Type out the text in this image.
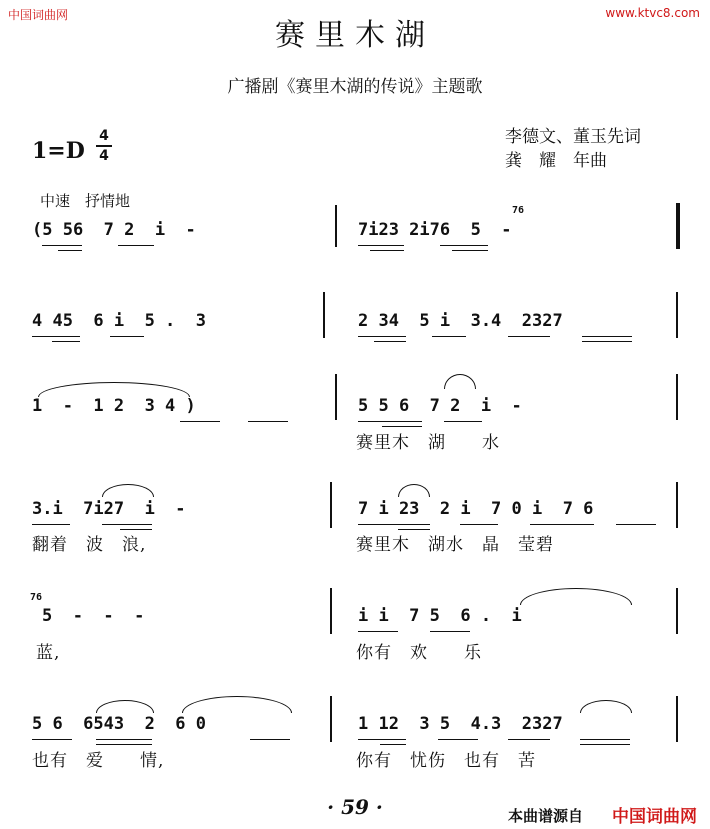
中国词曲网	www.ktvc8.com
赛里木湖
广播剧《赛里木湖的传说》主题歌
1=D
4
4
李德文、董玉先词
龚　耀　年曲
中速　抒情地
(5 56  7 2  i  -	7i23 2i76  5  -
76
4 45  6 i  5 .  3	2 34  5 i  3.4  2327
1  -  1 2  3 4 )	5 5 6  7 2  i  -
赛里木　湖　　水
3.i  7i27  i  -	7 i 23  2 i  7 0 i  7 6
翻着　波　浪,	赛里木　湖水　晶　莹碧
76
5  -  -  -	i i  7 5  6 .  i
蓝,	你有　欢　　乐
5 6  6543  2  6 0	1 12  3 5  4.3  2327
也有　爱　　情,	你有　忧伤　也有　苦
· 59 ·	本曲谱源自 中国词曲网
